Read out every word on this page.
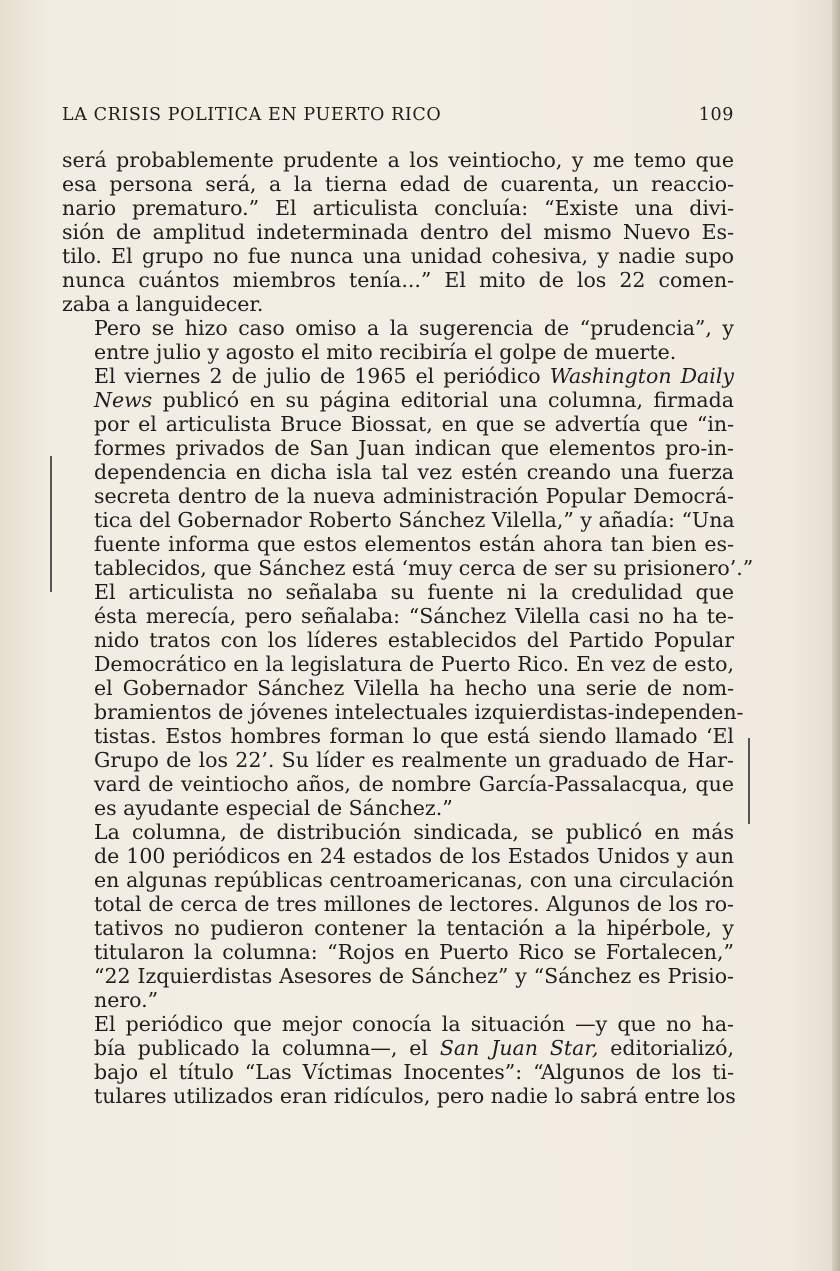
LA CRISIS POLITICA EN PUERTO RICO	109
será probablemente prudente a los veintiocho, y me temo que
esa persona será, a la tierna edad de cuarenta, un reaccio-
nario prematuro.” El articulista concluía: “Existe una divi-
sión de amplitud indeterminada dentro del mismo Nuevo Es-
tilo. El grupo no fue nunca una unidad cohesiva, y nadie supo
nunca cuántos miembros tenía...” El mito de los 22 comen-
zaba a languidecer.
Pero se hizo caso omiso a la sugerencia de “prudencia”, y
entre julio y agosto el mito recibiría el golpe de muerte.
El viernes 2 de julio de 1965 el periódico Washington Daily
News publicó en su página editorial una columna, firmada
por el articulista Bruce Biossat, en que se advertía que “in-
formes privados de San Juan indican que elementos pro-in-
dependencia en dicha isla tal vez estén creando una fuerza
secreta dentro de la nueva administración Popular Democrá-
tica del Gobernador Roberto Sánchez Vilella,” y añadía: “Una
fuente informa que estos elementos están ahora tan bien es-
tablecidos, que Sánchez está ‘muy cerca de ser su prisionero’.”
El articulista no señalaba su fuente ni la credulidad que
ésta merecía, pero señalaba: “Sánchez Vilella casi no ha te-
nido tratos con los líderes establecidos del Partido Popular
Democrático en la legislatura de Puerto Rico. En vez de esto,
el Gobernador Sánchez Vilella ha hecho una serie de nom-
bramientos de jóvenes intelectuales izquierdistas-independen-
tistas. Estos hombres forman lo que está siendo llamado ‘El
Grupo de los 22’. Su líder es realmente un graduado de Har-
vard de veintiocho años, de nombre García-Passalacqua, que
es ayudante especial de Sánchez.”
La columna, de distribución sindicada, se publicó en más
de 100 periódicos en 24 estados de los Estados Unidos y aun
en algunas repúblicas centroamericanas, con una circulación
total de cerca de tres millones de lectores. Algunos de los ro-
tativos no pudieron contener la tentación a la hipérbole, y
titularon la columna: “Rojos en Puerto Rico se Fortalecen,”
“22 Izquierdistas Asesores de Sánchez” y “Sánchez es Prisio-
nero.”
El periódico que mejor conocía la situación —y que no ha-
bía publicado la columna—, el San Juan Star, editorializó,
bajo el título “Las Víctimas Inocentes”: “Algunos de los ti-
tulares utilizados eran ridículos, pero nadie lo sabrá entre los
